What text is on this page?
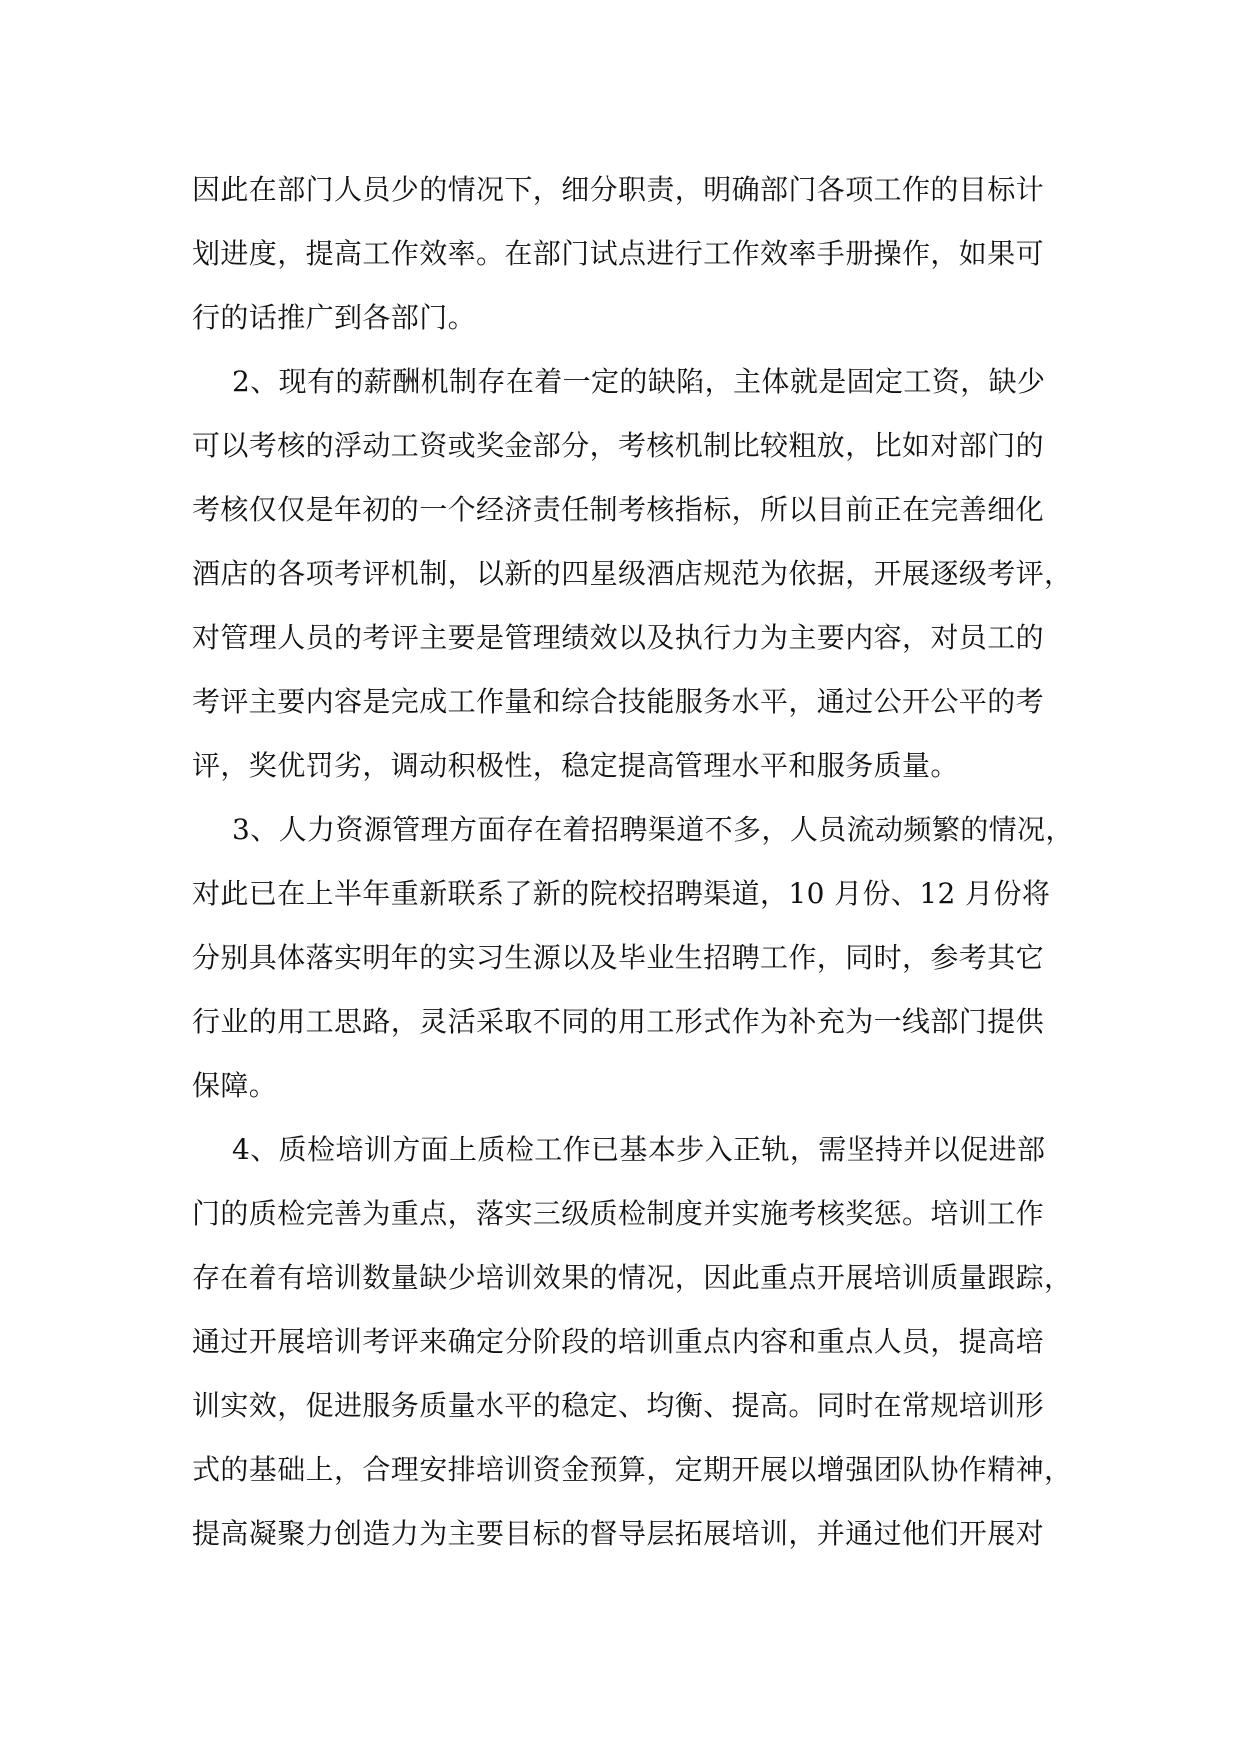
因此在部门人员少的情况下，细分职责，明确部门各项工作的目标计
划进度，提高工作效率。在部门试点进行工作效率手册操作，如果可
行的话推广到各部门。
2、现有的薪酬机制存在着一定的缺陷，主体就是固定工资，缺少
可以考核的浮动工资或奖金部分，考核机制比较粗放，比如对部门的
考核仅仅是年初的一个经济责任制考核指标，所以目前正在完善细化
酒店的各项考评机制，以新的四星级酒店规范为依据，开展逐级考评，
对管理人员的考评主要是管理绩效以及执行力为主要内容，对员工的
考评主要内容是完成工作量和综合技能服务水平，通过公开公平的考
评，奖优罚劣，调动积极性，稳定提高管理水平和服务质量。
3、人力资源管理方面存在着招聘渠道不多，人员流动频繁的情况，
对此已在上半年重新联系了新的院校招聘渠道，10 月份、12 月份将
分别具体落实明年的实习生源以及毕业生招聘工作，同时，参考其它
行业的用工思路，灵活采取不同的用工形式作为补充为一线部门提供
保障。
4、质检培训方面上质检工作已基本步入正轨，需坚持并以促进部
门的质检完善为重点，落实三级质检制度并实施考核奖惩。培训工作
存在着有培训数量缺少培训效果的情况，因此重点开展培训质量跟踪，
通过开展培训考评来确定分阶段的培训重点内容和重点人员，提高培
训实效，促进服务质量水平的稳定、均衡、提高。同时在常规培训形
式的基础上，合理安排培训资金预算，定期开展以增强团队协作精神，
提高凝聚力创造力为主要目标的督导层拓展培训，并通过他们开展对
